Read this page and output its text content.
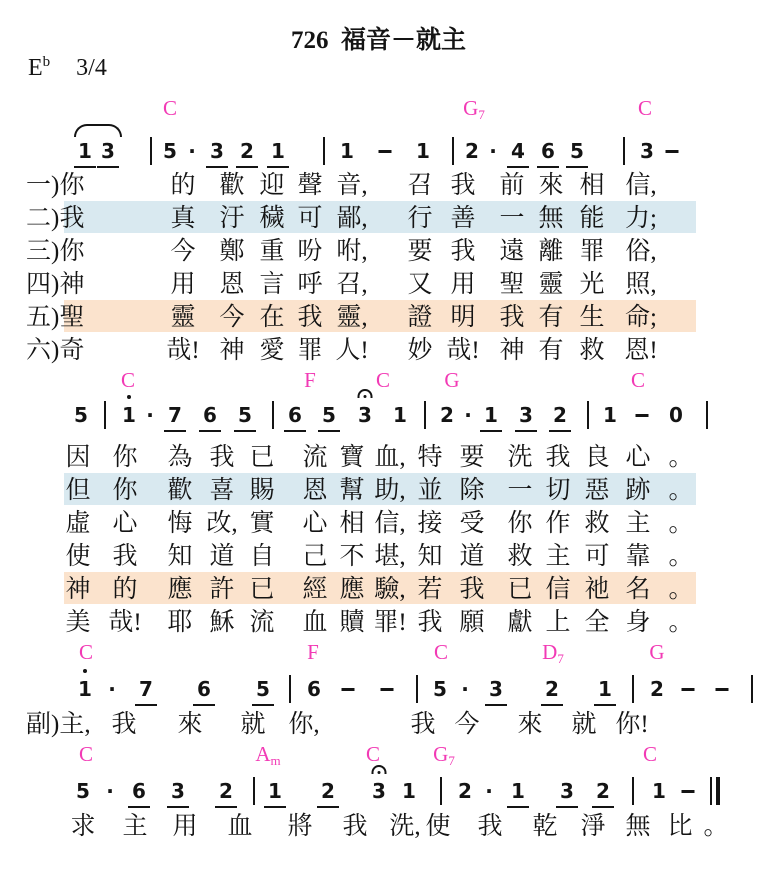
726  福音－就主
$E^b$ 3/4
C	$G_7$	C
C	F	C	G	C
C	F	C	$D_7$	G
C	$A_m$	C	$G_7$	C
1 3 5 · 3 2 1	1	1 2 · 4 6 5	3
5 1 · 7 6 5 6 5 3 1 2 · 1 3 2 1	0
1 · 7 6 5 6	5 · 3 2 1 2
5 · 6 3 2 1 2 3 1 2 · 1 3 2 1
一) 你	的 歡 迎 聲 音, 召 我 前 來 相 信,
二) 我	真 汙 穢 可 鄙, 行 善 一 無 能 力;
三) 你	今 鄭 重 吩 咐, 要 我 遠 離 罪 俗,
四) 神	用 恩 言 呼 召, 又 用 聖 靈 光 照,
五) 聖	靈 今 在 我 靈, 證 明 我 有 生 命;
六) 奇	哉! 神 愛 罪 人! 妙 哉! 神 有 救 恩!
因 你 為 我 已 流 寶 血, 特 要 洗 我 良 心 。
但 你 歡 喜 賜 恩 幫 助, 並 除 一 切 惡 跡 。
虛 心 悔 改, 實 心 相 信, 接 受 你 作 救 主 。
使 我 知 道 自 己 不 堪, 知 道 救 主 可 靠 。
神 的 應 許 已 經 應 驗, 若 我 已 信 祂 名 。
美 哉! 耶 穌 流 血 贖 罪! 我 願 獻 上 全 身 。
副) 主, 我 來 就 你,	我 今 來 就 你!
求 主 用 血 將 我 洗, 使 我 乾 淨 無 比 。
